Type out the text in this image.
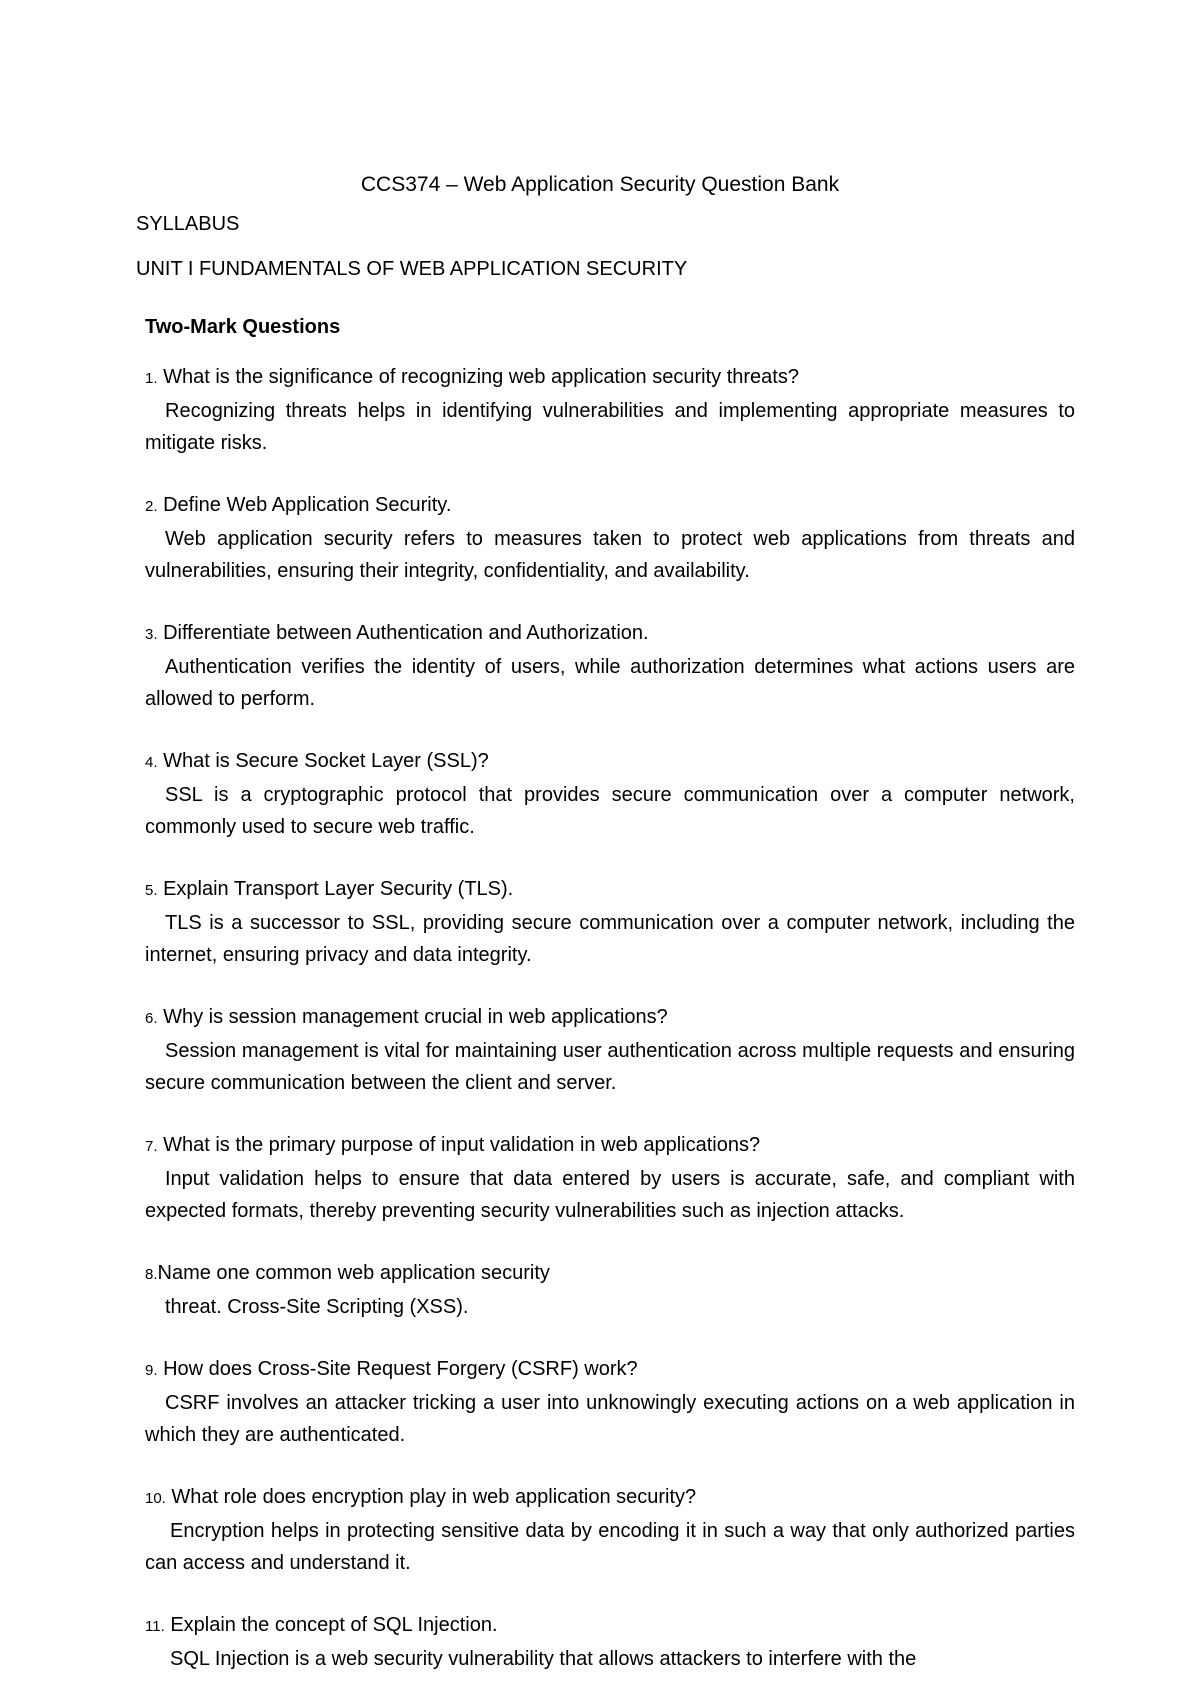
CCS374 – Web Application Security Question Bank
SYLLABUS
UNIT I FUNDAMENTALS OF WEB APPLICATION SECURITY
Two-Mark Questions
1. What is the significance of recognizing web application security threats?
Recognizing threats helps in identifying vulnerabilities and implementing appropriate measures to mitigate risks.
2. Define Web Application Security.
Web application security refers to measures taken to protect web applications from threats and vulnerabilities, ensuring their integrity, confidentiality, and availability.
3. Differentiate between Authentication and Authorization.
Authentication verifies the identity of users, while authorization determines what actions users are allowed to perform.
4. What is Secure Socket Layer (SSL)?
SSL is a cryptographic protocol that provides secure communication over a computer network, commonly used to secure web traffic.
5. Explain Transport Layer Security (TLS).
TLS is a successor to SSL, providing secure communication over a computer network, including the internet, ensuring privacy and data integrity.
6. Why is session management crucial in web applications?
Session management is vital for maintaining user authentication across multiple requests and ensuring secure communication between the client and server.
7. What is the primary purpose of input validation in web applications?
Input validation helps to ensure that data entered by users is accurate, safe, and compliant with expected formats, thereby preventing security vulnerabilities such as injection attacks.
8.Name one common web application security
threat. Cross-Site Scripting (XSS).
9. How does Cross-Site Request Forgery (CSRF) work?
CSRF involves an attacker tricking a user into unknowingly executing actions on a web application in which they are authenticated.
10. What role does encryption play in web application security?
Encryption helps in protecting sensitive data by encoding it in such a way that only authorized parties can access and understand it.
11. Explain the concept of SQL Injection.
SQL Injection is a web security vulnerability that allows attackers to interfere with the
